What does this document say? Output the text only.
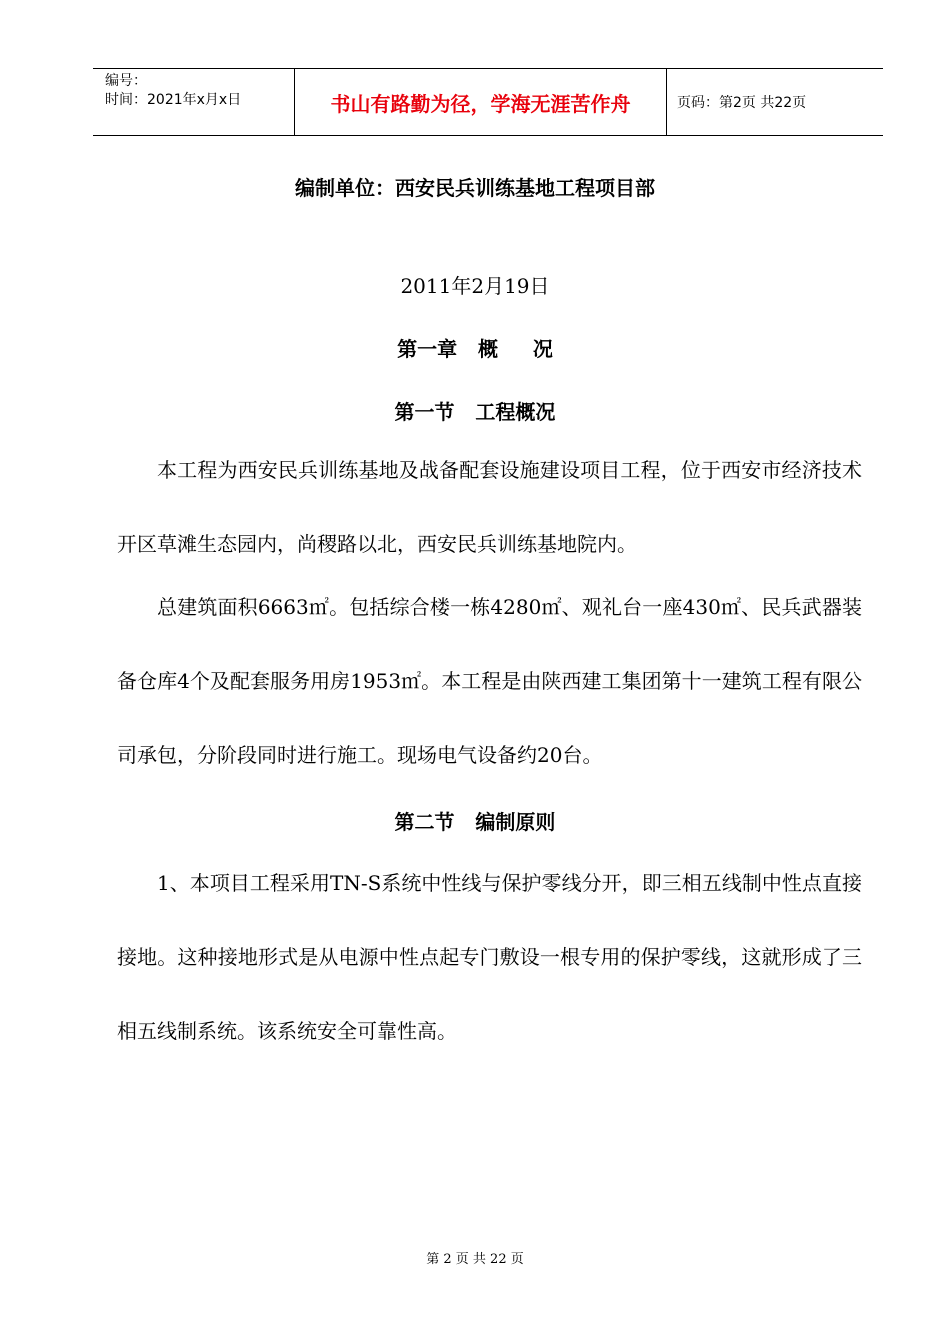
编号：
时间：2021年x月x日	书山有路勤为径，学海无涯苦作舟	页码：第2页 共22页
编制单位：西安民兵训练基地工程项目部
2011年2月19日
第一章   概     况
第一节   工程概况

本工程为西安民兵训练基地及战备配套设施建设项目工程，位于西安市经济技术开区草滩生态园内，尚稷路以北，西安民兵训练基地院内。

总建筑面积6663㎡。包括综合楼一栋4280㎡、观礼台一座430㎡、民兵武器装备仓库4个及配套服务用房1953㎡。本工程是由陕西建工集团第十一建筑工程有限公司承包，分阶段同时进行施工。现场电气设备约20台。

第二节   编制原则

1、本项目工程采用TN-S系统中性线与保护零线分开，即三相五线制中性点直接接地。这种接地形式是从电源中性点起专门敷设一根专用的保护零线，这就形成了三相五线制系统。该系统安全可靠性高。

第 2 页 共 22 页
